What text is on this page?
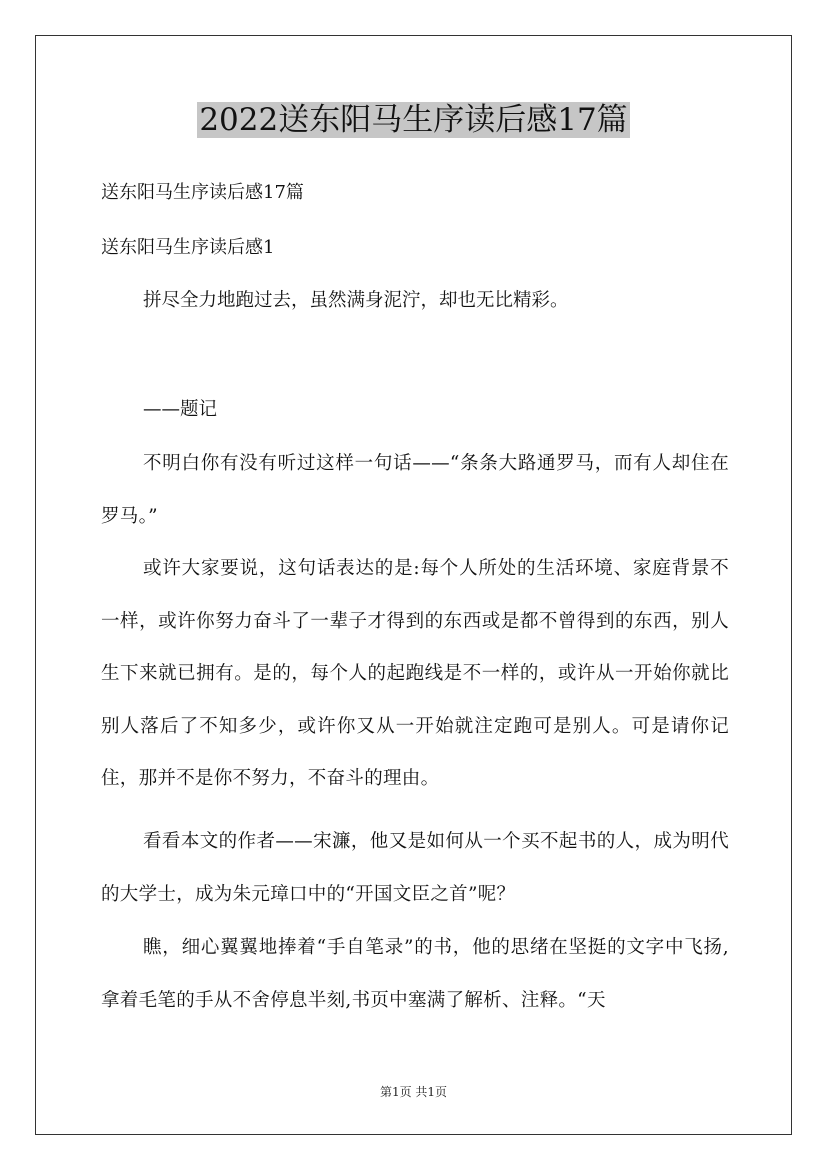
2022送东阳马生序读后感17篇
送东阳马生序读后感17篇
送东阳马生序读后感1
拼尽全力地跑过去，虽然满身泥泞，却也无比精彩。
——题记
不明白你有没有听过这样一句话——“条条大路通罗马，而有人却住在罗马。”
或许大家要说，这句话表达的是:每个人所处的生活环境、家庭背景不一样，或许你努力奋斗了一辈子才得到的东西或是都不曾得到的东西，别人生下来就已拥有。是的，每个人的起跑线是不一样的，或许从一开始你就比别人落后了不知多少，或许你又从一开始就注定跑可是别人。可是请你记住，那并不是你不努力，不奋斗的理由。
看看本文的作者——宋濂，他又是如何从一个买不起书的人，成为明代的大学士，成为朱元璋口中的“开国文臣之首”呢？
瞧，细心翼翼地捧着“手自笔录”的书，他的思绪在坚挺的文字中飞扬,拿着毛笔的手从不舍停息半刻,书页中塞满了解析、注释。“天
第1页 共1页
